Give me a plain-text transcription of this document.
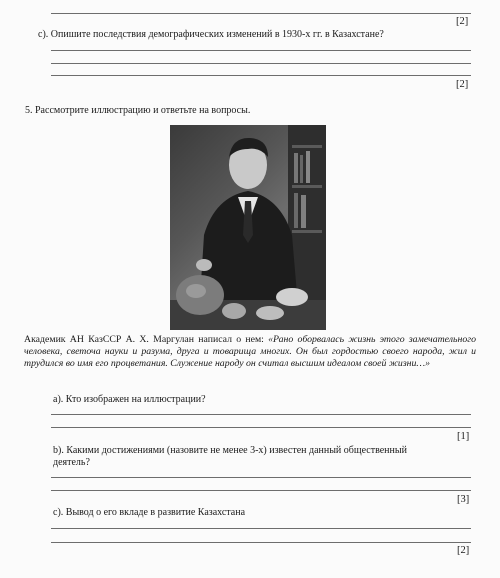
[2]
c). Опишите последствия демографических изменений в 1930-х гг. в Казахстане?
[2]
5. Рассмотрите иллюстрацию и ответьте на вопросы.
Академик АН КазССР А. Х. Маргулан написал о нем: «Рано оборвалась жизнь этого замечательного человека, светоча науки и разума, друга и товарища многих. Он был гордостью своего народа, жил и трудился во имя его процветания. Служение народу он считал высшим идеалом своей жизни…»
a). Кто изображен на иллюстрации?
[1]
b). Какими достижениями (назовите не менее 3-х) известен данный общественный
деятель?
[3]
c). Вывод о его вкладе в развитие Казахстана
[2]
